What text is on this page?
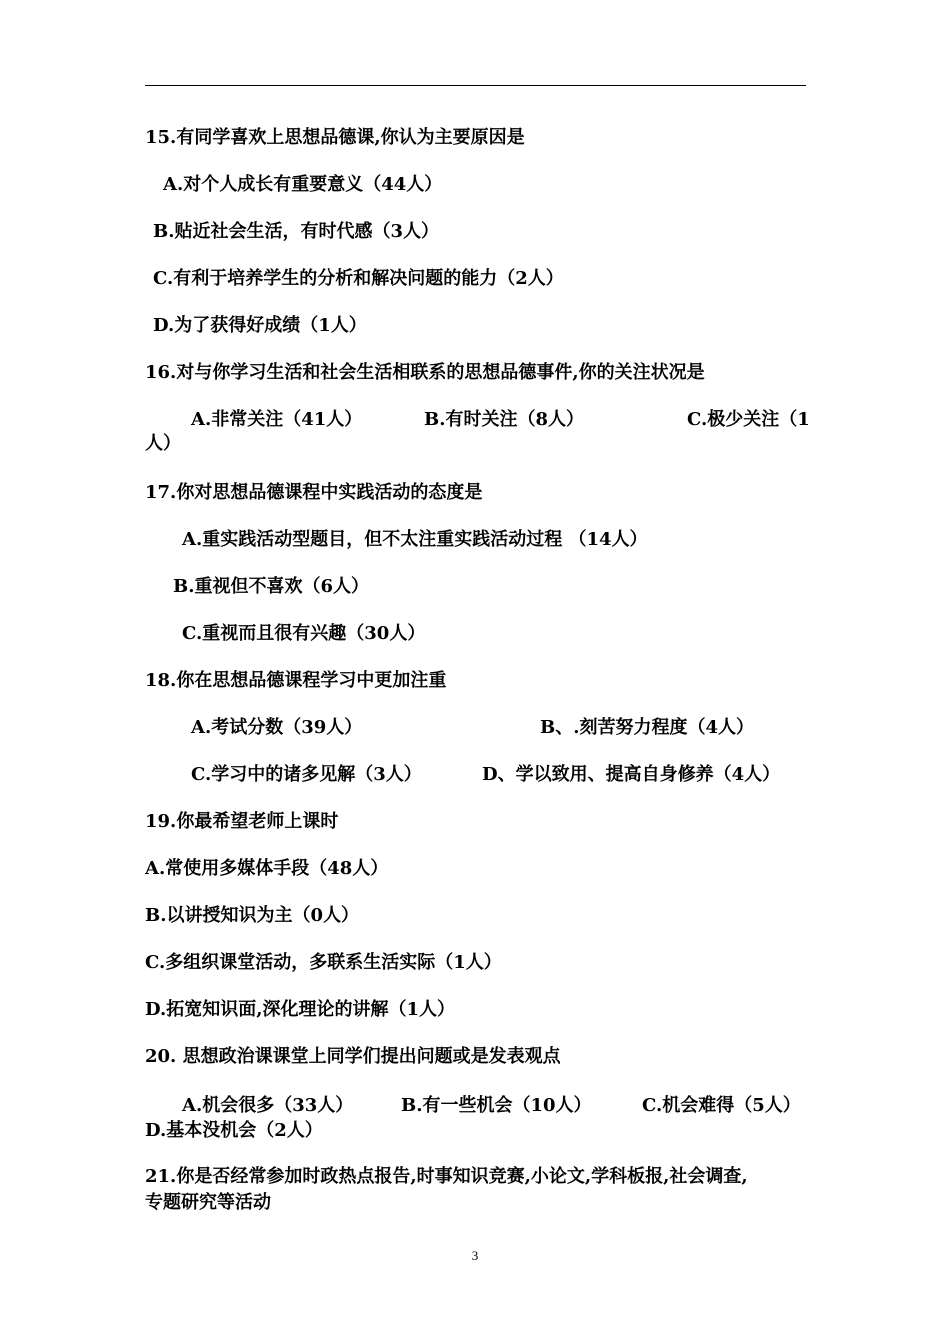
15.有同学喜欢上思想品德课,你认为主要原因是
A.对个人成长有重要意义（44人）
B.贴近社会生活，有时代感（3人）
C.有利于培养学生的分析和解决问题的能力（2人）
D.为了获得好成绩（1人）
16.对与你学习生活和社会生活相联系的思想品德事件,你的关注状况是
A.非常关注（41人）	B.有时关注（8人）	C.极少关注（1
人）
17.你对思想品德课程中实践活动的态度是
A.重实践活动型题目，但不太注重实践活动过程 （14人）
B.重视但不喜欢（6人）
C.重视而且很有兴趣（30人）
18.你在思想品德课程学习中更加注重
A.考试分数（39人）	B、.刻苦努力程度（4人）
C.学习中的诸多见解（3人）	D、学以致用、提高自身修养（4人）
19.你最希望老师上课时
A.常使用多媒体手段（48人）
B.以讲授知识为主（0人）
C.多组织课堂活动，多联系生活实际（1人）
D.拓宽知识面,深化理论的讲解（1人）
20. 思想政治课课堂上同学们提出问题或是发表观点
A.机会很多（33人）	B.有一些机会（10人）	C.机会难得（5人）
D.基本没机会（2人）
21.你是否经常参加时政热点报告,时事知识竞赛,小论文,学科板报,社会调查,
专题研究等活动
3
